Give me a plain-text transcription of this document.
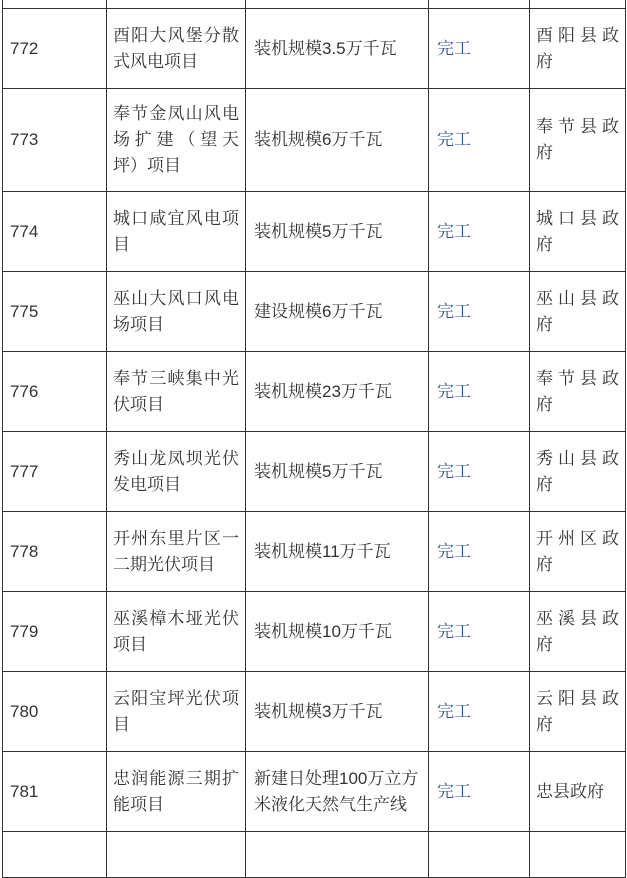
772	酉阳大风堡分散式风电项目	装机规模3.5万千瓦	完工	酉阳县政府
773	奉节金凤山风电场扩建（望天坪）项目	装机规模6万千瓦	完工	奉节县政府
774	城口咸宜风电项目	装机规模5万千瓦	完工	城口县政府
775	巫山大风口风电场项目	建设规模6万千瓦	完工	巫山县政府
776	奉节三峡集中光伏项目	装机规模23万千瓦	完工	奉节县政府
777	秀山龙凤坝光伏发电项目	装机规模5万千瓦	完工	秀山县政府
778	开州东里片区一二期光伏项目	装机规模11万千瓦	完工	开州区政府
779	巫溪樟木垭光伏项目	装机规模10万千瓦	完工	巫溪县政府
780	云阳宝坪光伏项目	装机规模3万千瓦	完工	云阳县政府
781	忠润能源三期扩能项目	新建日处理100万立方米液化天然气生产线	完工	忠县政府
